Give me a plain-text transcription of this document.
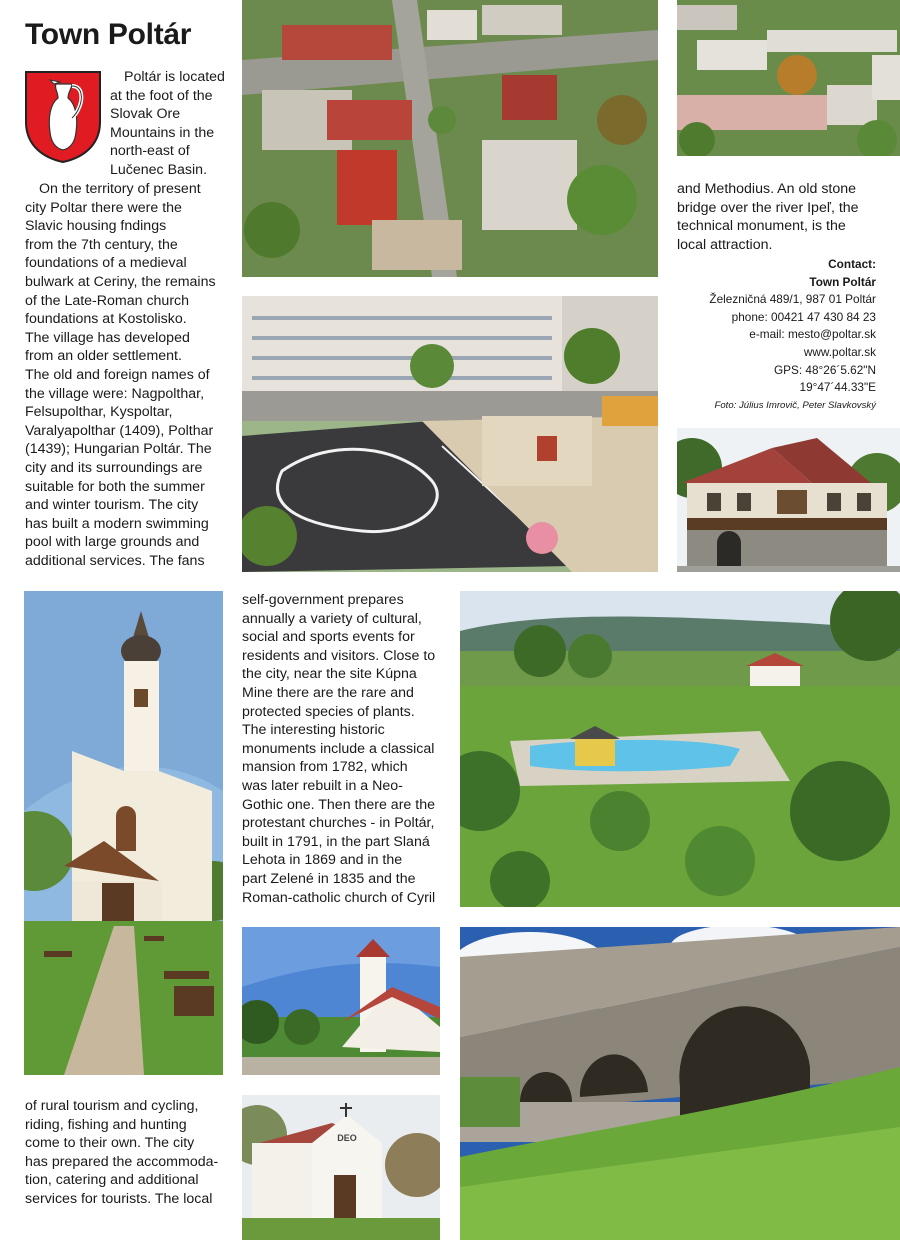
Town Poltár

Poltár is located at the foot of the Slovak Ore Mountains in the north-east of Lučenec Basin.

On the territory of present

city Poltar there were the

Slavic housing fndings

from the 7th century, the

foundations of a medieval

bulwark at Ceriny, the remains

of the Late-Roman church

foundations at Kostolisko.

The village has developed

from an older settlement.

The old and foreign names of

the village were: Nagpolthar,

Felsupolthar, Kyspoltar,

Varalyapolthar (1409), Polthar

(1439); Hungarian Poltár. The

city and its surroundings are

suitable for both the summer

and winter tourism. The city

has built a modern swimming

pool with large grounds and

additional services. The fans

and Methodius. An old stone

bridge over the river Ipeľ, the

technical monument, is the

local attraction.

Contact:
Town Poltár
Železničná 489/1, 987 01 Poltár
phone: 00421 47 430 84 23
e-mail: mesto@poltar.sk
www.poltar.sk
GPS: 48°26´5.62"N
19°47´44.33"E
Foto: Július Imrovič, Peter Slavkovský

self-government prepares

annually a variety of cultural,

social and sports events for

residents and visitors. Close to

the city, near the site Kúpna

Mine there are the rare and

protected species of plants.

The interesting historic

monuments include a classical

mansion from 1782, which

was later rebuilt in a Neo-

Gothic one. Then there are the

protestant churches - in Poltár,

built in 1791, in the part Slaná

Lehota in 1869 and in the

part Zelené in 1835 and the

Roman-catholic church of Cyril

of rural tourism and cycling,

riding, fishing and hunting

come to their own. The city

has prepared the accommoda-

tion, catering and additional

services for tourists. The local

DEO
